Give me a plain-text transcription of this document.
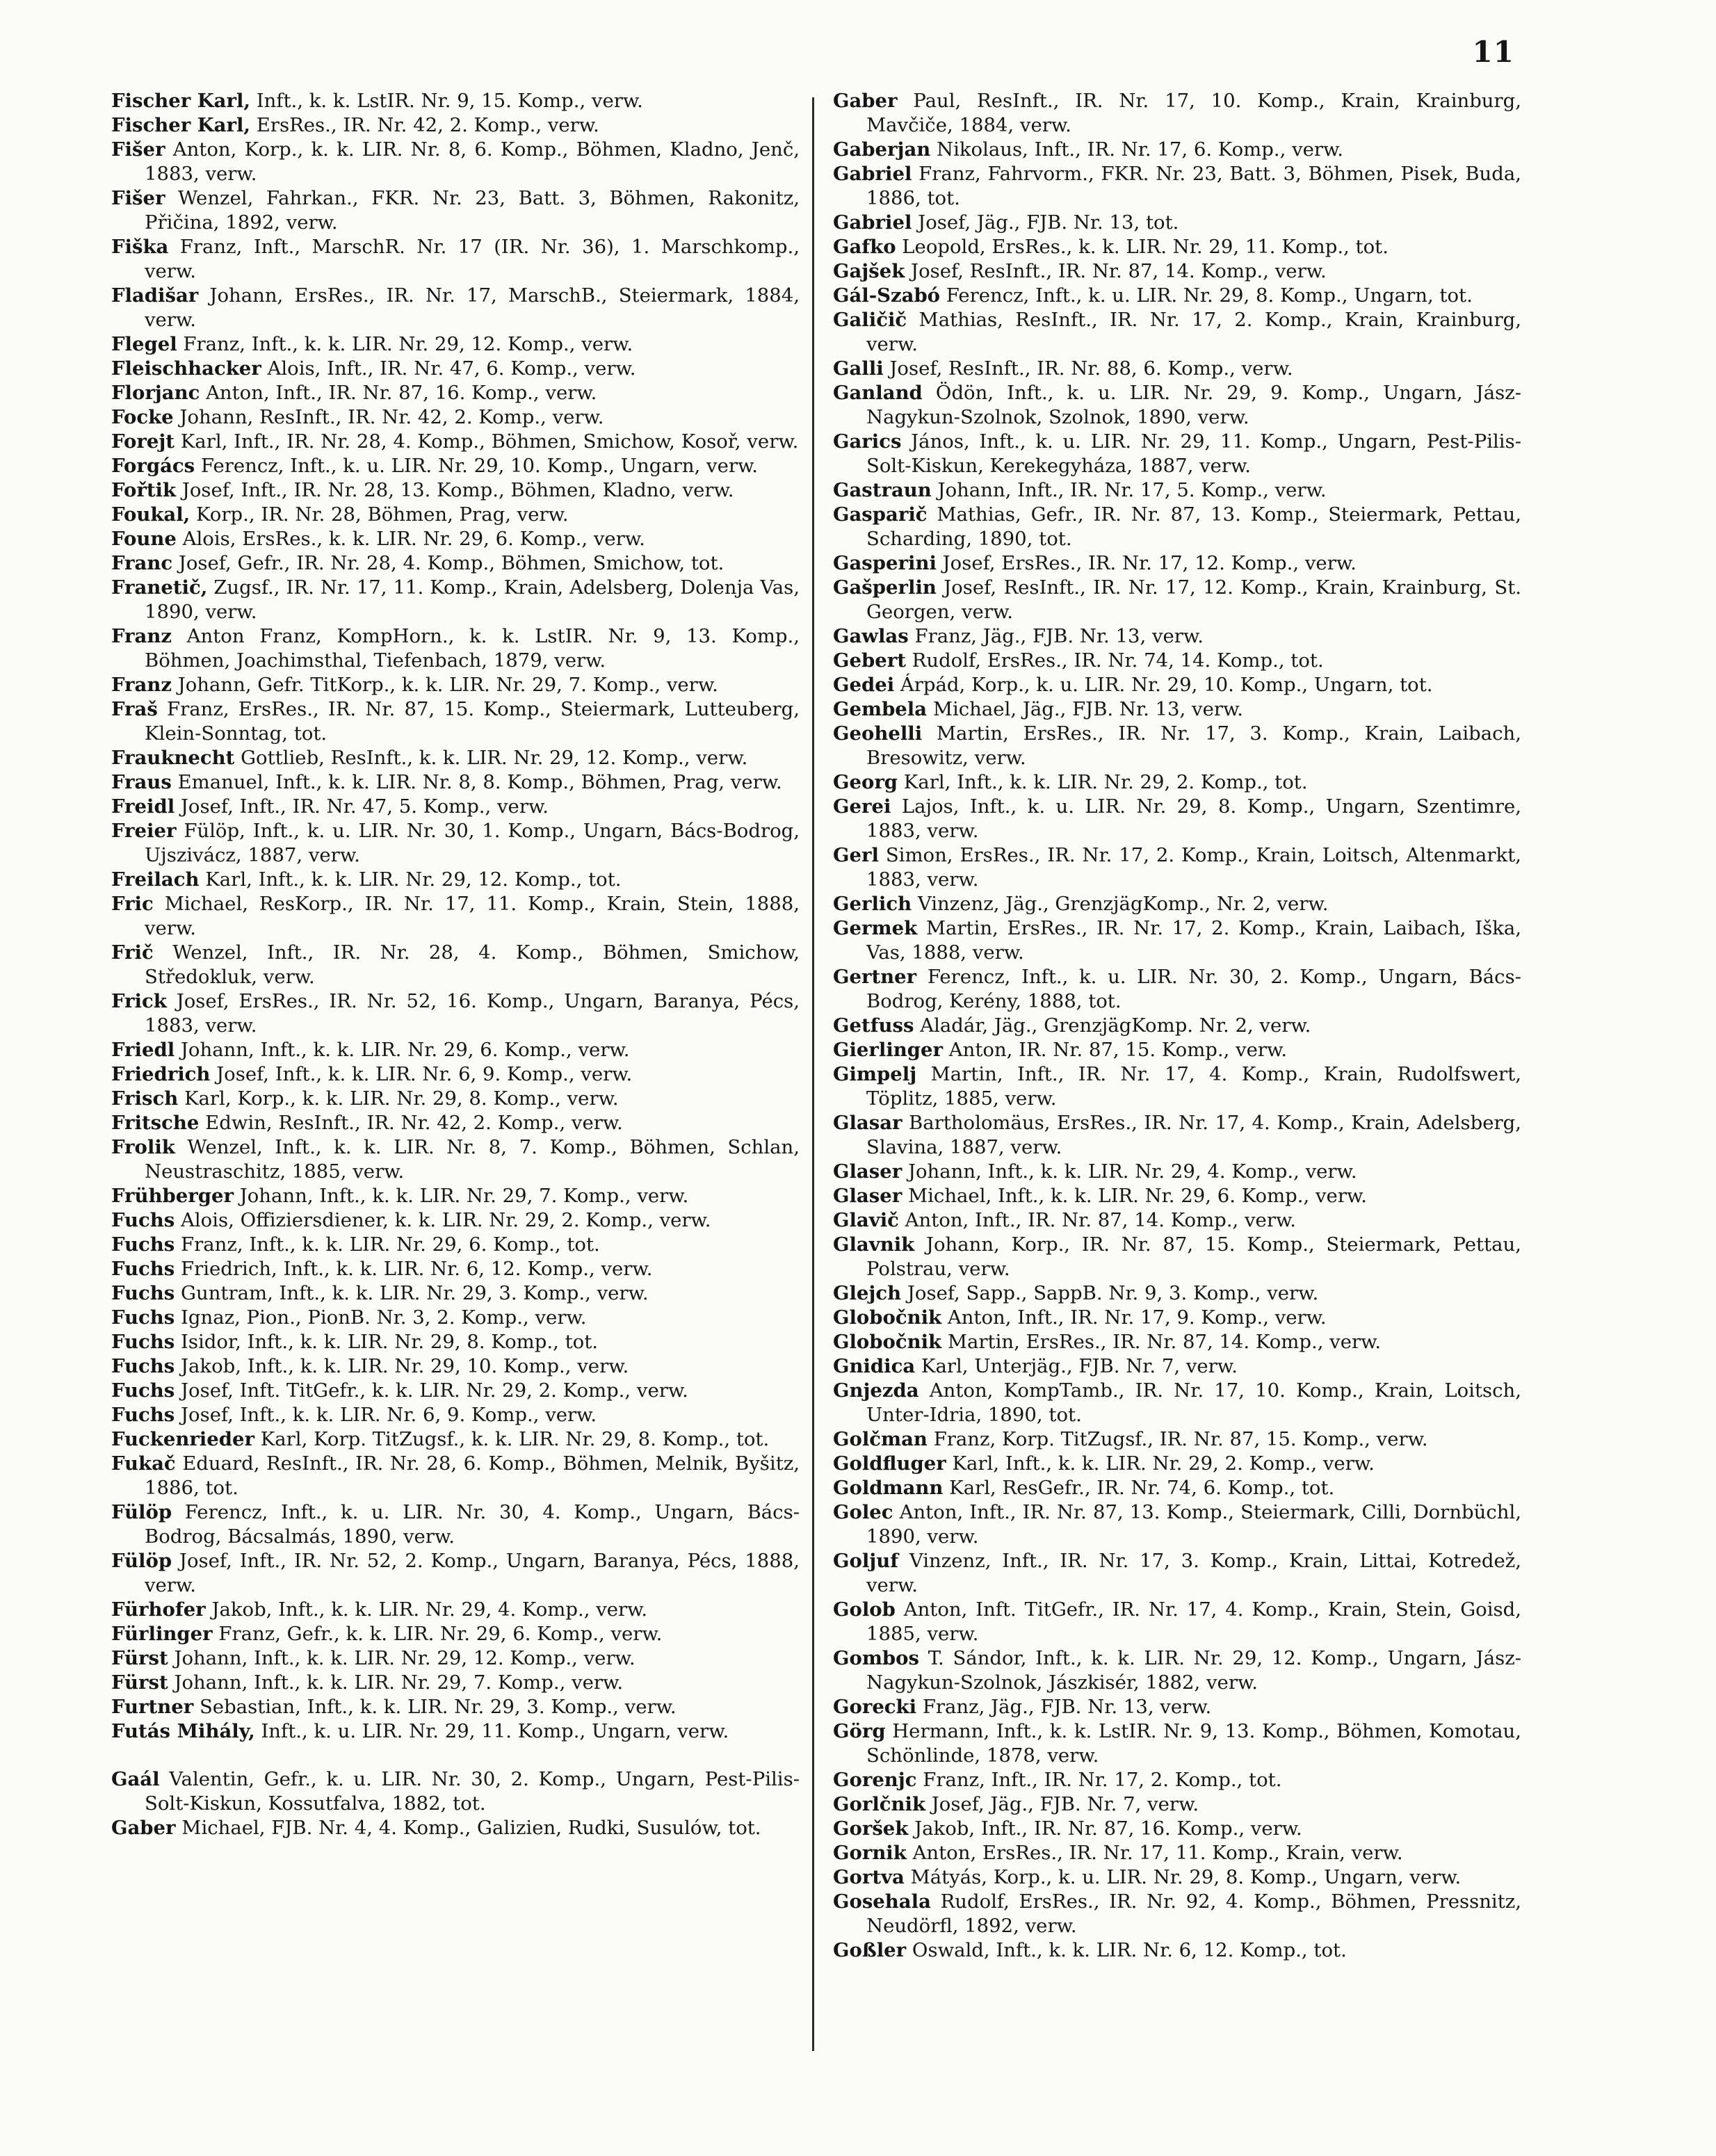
11
Fischer Karl, Inft., k. k. LstIR. Nr. 9, 15. Komp., verw.
Fischer Karl, ErsRes., IR. Nr. 42, 2. Komp., verw.
Fišer Anton, Korp., k. k. LIR. Nr. 8, 6. Komp., Böhmen, Kladno, Jenč, 1883, verw.
Fišer Wenzel, Fahrkan., FKR. Nr. 23, Batt. 3, Böhmen, Rakonitz, Přičina, 1892, verw.
Fiška Franz, Inft., MarschR. Nr. 17 (IR. Nr. 36), 1. Marschkomp., verw.
Fladišar Johann, ErsRes., IR. Nr. 17, MarschB., Steiermark, 1884, verw.
Flegel Franz, Inft., k. k. LIR. Nr. 29, 12. Komp., verw.
Fleischhacker Alois, Inft., IR. Nr. 47, 6. Komp., verw.
Florjanc Anton, Inft., IR. Nr. 87, 16. Komp., verw.
Focke Johann, ResInft., IR. Nr. 42, 2. Komp., verw.
Forejt Karl, Inft., IR. Nr. 28, 4. Komp., Böhmen, Smichow, Kosoř, verw.
Forgács Ferencz, Inft., k. u. LIR. Nr. 29, 10. Komp., Ungarn, verw.
Fořtik Josef, Inft., IR. Nr. 28, 13. Komp., Böhmen, Kladno, verw.
Foukal, Korp., IR. Nr. 28, Böhmen, Prag, verw.
Foune Alois, ErsRes., k. k. LIR. Nr. 29, 6. Komp., verw.
Franc Josef, Gefr., IR. Nr. 28, 4. Komp., Böhmen, Smichow, tot.
Franetič, Zugsf., IR. Nr. 17, 11. Komp., Krain, Adelsberg, Dolenja Vas, 1890, verw.
Franz Anton Franz, KompHorn., k. k. LstIR. Nr. 9, 13. Komp., Böhmen, Joachimsthal, Tiefenbach, 1879, verw.
Franz Johann, Gefr. TitKorp., k. k. LIR. Nr. 29, 7. Komp., verw.
Fraš Franz, ErsRes., IR. Nr. 87, 15. Komp., Steiermark, Lutteuberg, Klein-Sonntag, tot.
Frauknecht Gottlieb, ResInft., k. k. LIR. Nr. 29, 12. Komp., verw.
Fraus Emanuel, Inft., k. k. LIR. Nr. 8, 8. Komp., Böhmen, Prag, verw.
Freidl Josef, Inft., IR. Nr. 47, 5. Komp., verw.
Freier Fülöp, Inft., k. u. LIR. Nr. 30, 1. Komp., Ungarn, Bács-Bodrog, Ujszivácz, 1887, verw.
Freilach Karl, Inft., k. k. LIR. Nr. 29, 12. Komp., tot.
Fric Michael, ResKorp., IR. Nr. 17, 11. Komp., Krain, Stein, 1888, verw.
Frič Wenzel, Inft., IR. Nr. 28, 4. Komp., Böhmen, Smichow, Středokluk, verw.
Frick Josef, ErsRes., IR. Nr. 52, 16. Komp., Ungarn, Baranya, Pécs, 1883, verw.
Friedl Johann, Inft., k. k. LIR. Nr. 29, 6. Komp., verw.
Friedrich Josef, Inft., k. k. LIR. Nr. 6, 9. Komp., verw.
Frisch Karl, Korp., k. k. LIR. Nr. 29, 8. Komp., verw.
Fritsche Edwin, ResInft., IR. Nr. 42, 2. Komp., verw.
Frolik Wenzel, Inft., k. k. LIR. Nr. 8, 7. Komp., Böhmen, Schlan, Neustraschitz, 1885, verw.
Frühberger Johann, Inft., k. k. LIR. Nr. 29, 7. Komp., verw.
Fuchs Alois, Offiziersdiener, k. k. LIR. Nr. 29, 2. Komp., verw.
Fuchs Franz, Inft., k. k. LIR. Nr. 29, 6. Komp., tot.
Fuchs Friedrich, Inft., k. k. LIR. Nr. 6, 12. Komp., verw.
Fuchs Guntram, Inft., k. k. LIR. Nr. 29, 3. Komp., verw.
Fuchs Ignaz, Pion., PionB. Nr. 3, 2. Komp., verw.
Fuchs Isidor, Inft., k. k. LIR. Nr. 29, 8. Komp., tot.
Fuchs Jakob, Inft., k. k. LIR. Nr. 29, 10. Komp., verw.
Fuchs Josef, Inft. TitGefr., k. k. LIR. Nr. 29, 2. Komp., verw.
Fuchs Josef, Inft., k. k. LIR. Nr. 6, 9. Komp., verw.
Fuckenrieder Karl, Korp. TitZugsf., k. k. LIR. Nr. 29, 8. Komp., tot.
Fukač Eduard, ResInft., IR. Nr. 28, 6. Komp., Böhmen, Melnik, Byšitz, 1886, tot.
Fülöp Ferencz, Inft., k. u. LIR. Nr. 30, 4. Komp., Ungarn, Bács-Bodrog, Bácsalmás, 1890, verw.
Fülöp Josef, Inft., IR. Nr. 52, 2. Komp., Ungarn, Baranya, Pécs, 1888, verw.
Fürhofer Jakob, Inft., k. k. LIR. Nr. 29, 4. Komp., verw.
Fürlinger Franz, Gefr., k. k. LIR. Nr. 29, 6. Komp., verw.
Fürst Johann, Inft., k. k. LIR. Nr. 29, 12. Komp., verw.
Fürst Johann, Inft., k. k. LIR. Nr. 29, 7. Komp., verw.
Furtner Sebastian, Inft., k. k. LIR. Nr. 29, 3. Komp., verw.
Futás Mihály, Inft., k. u. LIR. Nr. 29, 11. Komp., Ungarn, verw.
Gaál Valentin, Gefr., k. u. LIR. Nr. 30, 2. Komp., Ungarn, Pest-Pilis-Solt-Kiskun, Kossutfalva, 1882, tot.
Gaber Michael, FJB. Nr. 4, 4. Komp., Galizien, Rudki, Susulów, tot.
Gaber Paul, ResInft., IR. Nr. 17, 10. Komp., Krain, Krainburg, Mavčiče, 1884, verw.
Gaberjan Nikolaus, Inft., IR. Nr. 17, 6. Komp., verw.
Gabriel Franz, Fahrvorm., FKR. Nr. 23, Batt. 3, Böhmen, Pisek, Buda, 1886, tot.
Gabriel Josef, Jäg., FJB. Nr. 13, tot.
Gafko Leopold, ErsRes., k. k. LIR. Nr. 29, 11. Komp., tot.
Gajšek Josef, ResInft., IR. Nr. 87, 14. Komp., verw.
Gál-Szabó Ferencz, Inft., k. u. LIR. Nr. 29, 8. Komp., Ungarn, tot.
Galičič Mathias, ResInft., IR. Nr. 17, 2. Komp., Krain, Krainburg, verw.
Galli Josef, ResInft., IR. Nr. 88, 6. Komp., verw.
Ganland Ödön, Inft., k. u. LIR. Nr. 29, 9. Komp., Ungarn, Jász-Nagykun-Szolnok, Szolnok, 1890, verw.
Garics János, Inft., k. u. LIR. Nr. 29, 11. Komp., Ungarn, Pest-Pilis-Solt-Kiskun, Kerekegyháza, 1887, verw.
Gastraun Johann, Inft., IR. Nr. 17, 5. Komp., verw.
Gasparič Mathias, Gefr., IR. Nr. 87, 13. Komp., Steiermark, Pettau, Scharding, 1890, tot.
Gasperini Josef, ErsRes., IR. Nr. 17, 12. Komp., verw.
Gašperlin Josef, ResInft., IR. Nr. 17, 12. Komp., Krain, Krainburg, St. Georgen, verw.
Gawlas Franz, Jäg., FJB. Nr. 13, verw.
Gebert Rudolf, ErsRes., IR. Nr. 74, 14. Komp., tot.
Gedei Árpád, Korp., k. u. LIR. Nr. 29, 10. Komp., Ungarn, tot.
Gembela Michael, Jäg., FJB. Nr. 13, verw.
Geohelli Martin, ErsRes., IR. Nr. 17, 3. Komp., Krain, Laibach, Bresowitz, verw.
Georg Karl, Inft., k. k. LIR. Nr. 29, 2. Komp., tot.
Gerei Lajos, Inft., k. u. LIR. Nr. 29, 8. Komp., Ungarn, Szentimre, 1883, verw.
Gerl Simon, ErsRes., IR. Nr. 17, 2. Komp., Krain, Loitsch, Altenmarkt, 1883, verw.
Gerlich Vinzenz, Jäg., GrenzjägKomp., Nr. 2, verw.
Germek Martin, ErsRes., IR. Nr. 17, 2. Komp., Krain, Laibach, Iška, Vas, 1888, verw.
Gertner Ferencz, Inft., k. u. LIR. Nr. 30, 2. Komp., Ungarn, Bács-Bodrog, Kerény, 1888, tot.
Getfuss Aladár, Jäg., GrenzjägKomp. Nr. 2, verw.
Gierlinger Anton, IR. Nr. 87, 15. Komp., verw.
Gimpelj Martin, Inft., IR. Nr. 17, 4. Komp., Krain, Rudolfswert, Töplitz, 1885, verw.
Glasar Bartholomäus, ErsRes., IR. Nr. 17, 4. Komp., Krain, Adelsberg, Slavina, 1887, verw.
Glaser Johann, Inft., k. k. LIR. Nr. 29, 4. Komp., verw.
Glaser Michael, Inft., k. k. LIR. Nr. 29, 6. Komp., verw.
Glavič Anton, Inft., IR. Nr. 87, 14. Komp., verw.
Glavnik Johann, Korp., IR. Nr. 87, 15. Komp., Steiermark, Pettau, Polstrau, verw.
Glejch Josef, Sapp., SappB. Nr. 9, 3. Komp., verw.
Globočnik Anton, Inft., IR. Nr. 17, 9. Komp., verw.
Globočnik Martin, ErsRes., IR. Nr. 87, 14. Komp., verw.
Gnidica Karl, Unterjäg., FJB. Nr. 7, verw.
Gnjezda Anton, KompTamb., IR. Nr. 17, 10. Komp., Krain, Loitsch, Unter-Idria, 1890, tot.
Golčman Franz, Korp. TitZugsf., IR. Nr. 87, 15. Komp., verw.
Goldfluger Karl, Inft., k. k. LIR. Nr. 29, 2. Komp., verw.
Goldmann Karl, ResGefr., IR. Nr. 74, 6. Komp., tot.
Golec Anton, Inft., IR. Nr. 87, 13. Komp., Steiermark, Cilli, Dornbüchl, 1890, verw.
Goljuf Vinzenz, Inft., IR. Nr. 17, 3. Komp., Krain, Littai, Kotredež, verw.
Golob Anton, Inft. TitGefr., IR. Nr. 17, 4. Komp., Krain, Stein, Goisd, 1885, verw.
Gombos T. Sándor, Inft., k. k. LIR. Nr. 29, 12. Komp., Ungarn, Jász-Nagykun-Szolnok, Jászkisér, 1882, verw.
Gorecki Franz, Jäg., FJB. Nr. 13, verw.
Görg Hermann, Inft., k. k. LstIR. Nr. 9, 13. Komp., Böhmen, Komotau, Schönlinde, 1878, verw.
Gorenjc Franz, Inft., IR. Nr. 17, 2. Komp., tot.
Gorlčnik Josef, Jäg., FJB. Nr. 7, verw.
Goršek Jakob, Inft., IR. Nr. 87, 16. Komp., verw.
Gornik Anton, ErsRes., IR. Nr. 17, 11. Komp., Krain, verw.
Gortva Mátyás, Korp., k. u. LIR. Nr. 29, 8. Komp., Ungarn, verw.
Gosehala Rudolf, ErsRes., IR. Nr. 92, 4. Komp., Böhmen, Pressnitz, Neudörfl, 1892, verw.
Goßler Oswald, Inft., k. k. LIR. Nr. 6, 12. Komp., tot.
